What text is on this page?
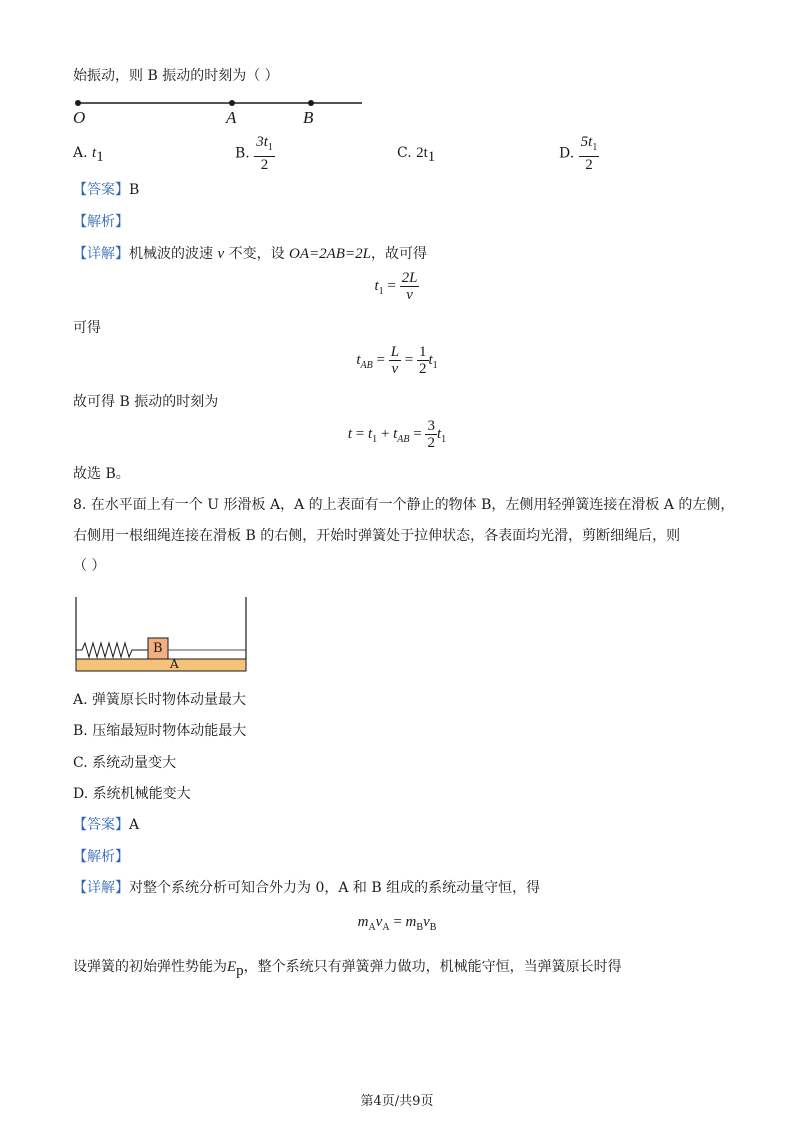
始振动，则 B 振动的时刻为（ ）
O	A	B
A. $t_1$	B. $\frac{3t_1}{2}$	C. $2t_1$	D. $\frac{5t_1}{2}$
【答案】B
【解析】
【详解】机械波的波速 v 不变，设 OA=2AB=2L，故可得
$t_1 = \frac{2L}{v}$
可得
$t_{AB} = \frac{L}{v} = \frac{1}{2} t_1$
故可得 B 振动的时刻为
$t = t_1 + t_{AB} = \frac{3}{2} t_1$
故选 B。
8. 在水平面上有一个 U 形滑板 A，A 的上表面有一个静止的物体 B，左侧用轻弹簧连接在滑板 A 的左侧，
右侧用一根细绳连接在滑板 B 的右侧，开始时弹簧处于拉伸状态，各表面均光滑，剪断细绳后，则
（ ）
B
A
A. 弹簧原长时物体动量最大
B. 压缩最短时物体动能最大
C. 系统动量变大
D. 系统机械能变大
【答案】A
【解析】
【详解】对整个系统分析可知合外力为 0，A 和 B 组成的系统动量守恒，得
$m_Av_A = m_Bv_B$
设弹簧的初始弹性势能为$E_p$，整个系统只有弹簧弹力做功，机械能守恒，当弹簧原长时得
第4页/共9页
